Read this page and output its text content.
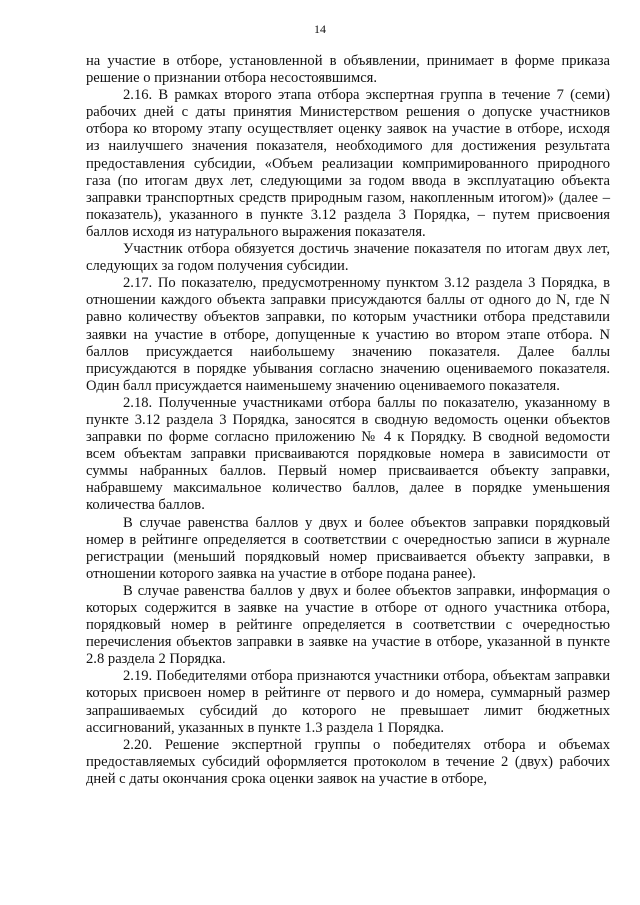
14

на участие в отборе, установленной в объявлении, принимает в форме приказа решение о признании отбора несостоявшимся.

2.16. В рамках второго этапа отбора экспертная группа в течение 7 (семи) рабочих дней с даты принятия Министерством решения о допуске участников отбора ко второму этапу осуществляет оценку заявок на участие в отборе, исходя из наилучшего значения показателя, необходимого для достижения результата предоставления субсидии, «Объем реализации компримированного природного газа (по итогам двух лет, следующими за годом ввода в эксплуатацию объекта заправки транспортных средств природным газом, накопленным итогом)» (далее – показатель), указанного в пункте 3.12 раздела 3 Порядка, – путем присвоения баллов исходя из натурального выражения показателя.

Участник отбора обязуется достичь значение показателя по итогам двух лет, следующих за годом получения субсидии.

2.17. По показателю, предусмотренному пунктом 3.12 раздела 3 Порядка, в отношении каждого объекта заправки присуждаются баллы от одного до N, где N равно количеству объектов заправки, по которым участники отбора представили заявки на участие в отборе, допущенные к участию во втором этапе отбора. N баллов присуждается наибольшему значению показателя. Далее баллы присуждаются в порядке убывания согласно значению оцениваемого показателя. Один балл присуждается наименьшему значению оцениваемого показателя.

2.18. Полученные участниками отбора баллы по показателю, указанному в пункте 3.12 раздела 3 Порядка, заносятся в сводную ведомость оценки объектов заправки по форме согласно приложению № 4 к Порядку. В сводной ведомости всем объектам заправки присваиваются порядковые номера в зависимости от суммы набранных баллов. Первый номер присваивается объекту заправки, набравшему максимальное количество баллов, далее в порядке уменьшения количества баллов.

В случае равенства баллов у двух и более объектов заправки порядковый номер в рейтинге определяется в соответствии с очередностью записи в журнале регистрации (меньший порядковый номер присваивается объекту заправки, в отношении которого заявка на участие в отборе подана ранее).

В случае равенства баллов у двух и более объектов заправки, информация о которых содержится в заявке на участие в отборе от одного участника отбора, порядковый номер в рейтинге определяется в соответствии с очередностью перечисления объектов заправки в заявке на участие в отборе, указанной в пункте 2.8 раздела 2 Порядка.

2.19. Победителями отбора признаются участники отбора, объектам заправки которых присвоен номер в рейтинге от первого и до номера, суммарный размер запрашиваемых субсидий до которого не превышает лимит бюджетных ассигнований, указанных в пункте 1.3 раздела 1 Порядка.

2.20. Решение экспертной группы о победителях отбора и объемах предоставляемых субсидий оформляется протоколом в течение 2 (двух) рабочих дней с даты окончания срока оценки заявок на участие в отборе,
